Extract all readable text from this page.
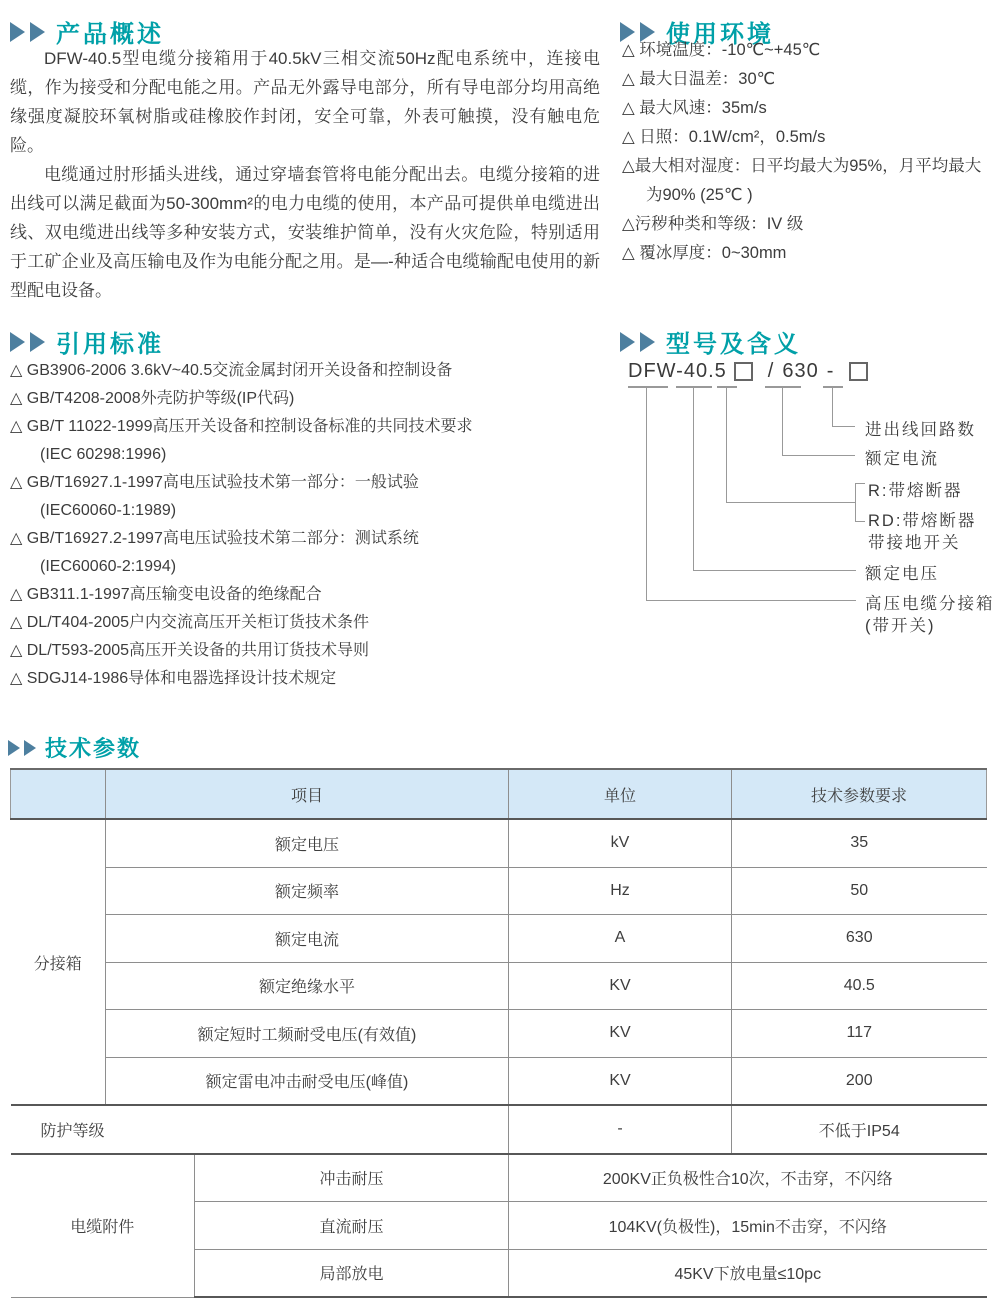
产品概述	使用环境
引用标准	型号及含义
技术参数

DFW-40.5型电缆分接箱用于40.5kV三相交流50Hz配电系统中，连接电缆，作为接受和分配电能之用。产品无外露导电部分，所有导电部分均用高绝缘强度凝胶环氧树脂或硅橡胶作封闭，安全可靠，外表可触摸，没有触电危险。

电缆通过肘形插头进线，通过穿墙套管将电能分配出去。电缆分接箱的进出线可以满足截面为50-300mm²的电力电缆的使用，本产品可提供单电缆进出线、双电缆进出线等多种安装方式，安装维护简单，没有火灾危险，特别适用于工矿企业及高压输电及作为电能分配之用。是—-种适合电缆输配电使用的新型配电设备。

△ 环境温度：-10℃~+45℃
△ 最大日温差：30℃
△ 最大风速：35m/s
△ 日照：0.1W/cm²，0.5m/s
△最大相对湿度：日平均最大为95%，月平均最大
为90% (25℃ )
△污秽种类和等级：IV 级
△ 覆冰厚度：0~30mm
△ GB3906-2006 3.6kV~40.5交流金属封闭开关设备和控制设备
△ GB/T4208-2008外壳防护等级(IP代码)
△ GB/T 11022-1999高压开关设备和控制设备标准的共同技术要求
(IEC 60298:1996)
△ GB/T16927.1-1997高电压试验技术第一部分：一般试验
(IEC60060-1:1989)
△ GB/T16927.2-1997高电压试验技术第二部分：测试系统
(IEC60060-2:1994)
△ GB311.1-1997高压输变电设备的绝缘配合
△ DL/T404-2005户内交流高压开关柜订货技术条件
△ DL/T593-2005高压开关设备的共用订货技术导则
△ SDGJ14-1986导体和电器选择设计技术规定
DFW-40.5 / 630 -
进出线回路数
额定电流
R:带熔断器
RD:带熔断器
带接地开关
额定电压
高压电缆分接箱
(带开关)
	项目		单位	技术参数要求
分接箱	额定电压		kV	35
	额定频率		Hz	50
	额定电流		A	630
	额定绝缘水平		KV	40.5
	额定短时工频耐受电压(有效值)		KV	117
	额定雷电冲击耐受电压(峰值)		KV	200
防护等级			-	不低于IP54
电缆附件		冲击耐压	200KV正负极性合10次，不击穿，不闪络	
		直流耐压	104KV(负极性)，15min不击穿，不闪络	
		局部放电	45KV下放电量≤10pc	
